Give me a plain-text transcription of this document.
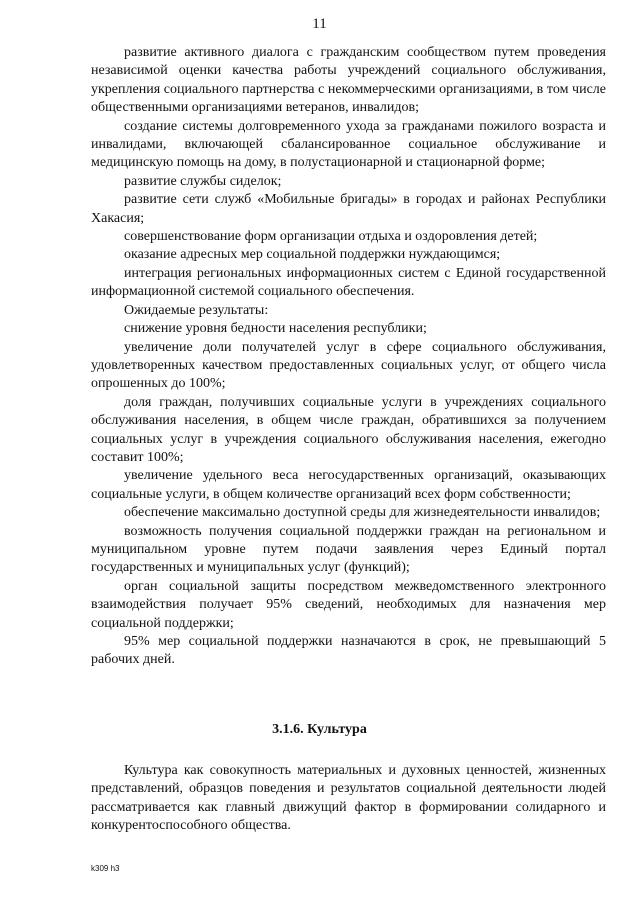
11

развитие активного диалога с гражданским сообществом путем проведения независимой оценки качества работы учреждений социального обслуживания, укрепления социального партнерства с некоммерческими организациями, в том числе общественными организациями ветеранов, инвалидов;

создание системы долговременного ухода за гражданами пожилого возраста и инвалидами, включающей сбалансированное социальное обслуживание и медицинскую помощь на дому, в полустационарной и стационарной форме;

развитие службы сиделок;

развитие сети служб «Мобильные бригады» в городах и районах Республики Хакасия;

совершенствование форм организации отдыха и оздоровления детей;

оказание адресных мер социальной поддержки нуждающимся;

интеграция региональных информационных систем с Единой государственной информационной системой социального обеспечения.

Ожидаемые результаты:

снижение уровня бедности населения республики;

увеличение доли получателей услуг в сфере социального обслуживания, удовлетворенных качеством предоставленных социальных услуг, от общего числа опрошенных до 100%;

доля граждан, получивших социальные услуги в учреждениях социального обслуживания населения, в общем числе граждан, обратившихся за получением социальных услуг в учреждения социального обслуживания населения, ежегодно составит 100%;

увеличение удельного веса негосударственных организаций, оказывающих социальные услуги, в общем количестве организаций всех форм собственности;

обеспечение максимально доступной среды для жизнедеятельности инвалидов;

возможность получения социальной поддержки граждан на региональном и муниципальном уровне путем подачи заявления через Единый портал государственных и муниципальных услуг (функций);

орган социальной защиты посредством межведомственного электронного взаимодействия получает 95% сведений, необходимых для назначения мер социальной поддержки;

95% мер социальной поддержки назначаются в срок, не превышающий 5 рабочих дней.

3.1.6. Культура

Культура как совокупность материальных и духовных ценностей, жизненных представлений, образцов поведения и результатов социальной деятельности людей рассматривается как главный движущий фактор в формировании солидарного и конкурентоспособного общества.

k309 h3
